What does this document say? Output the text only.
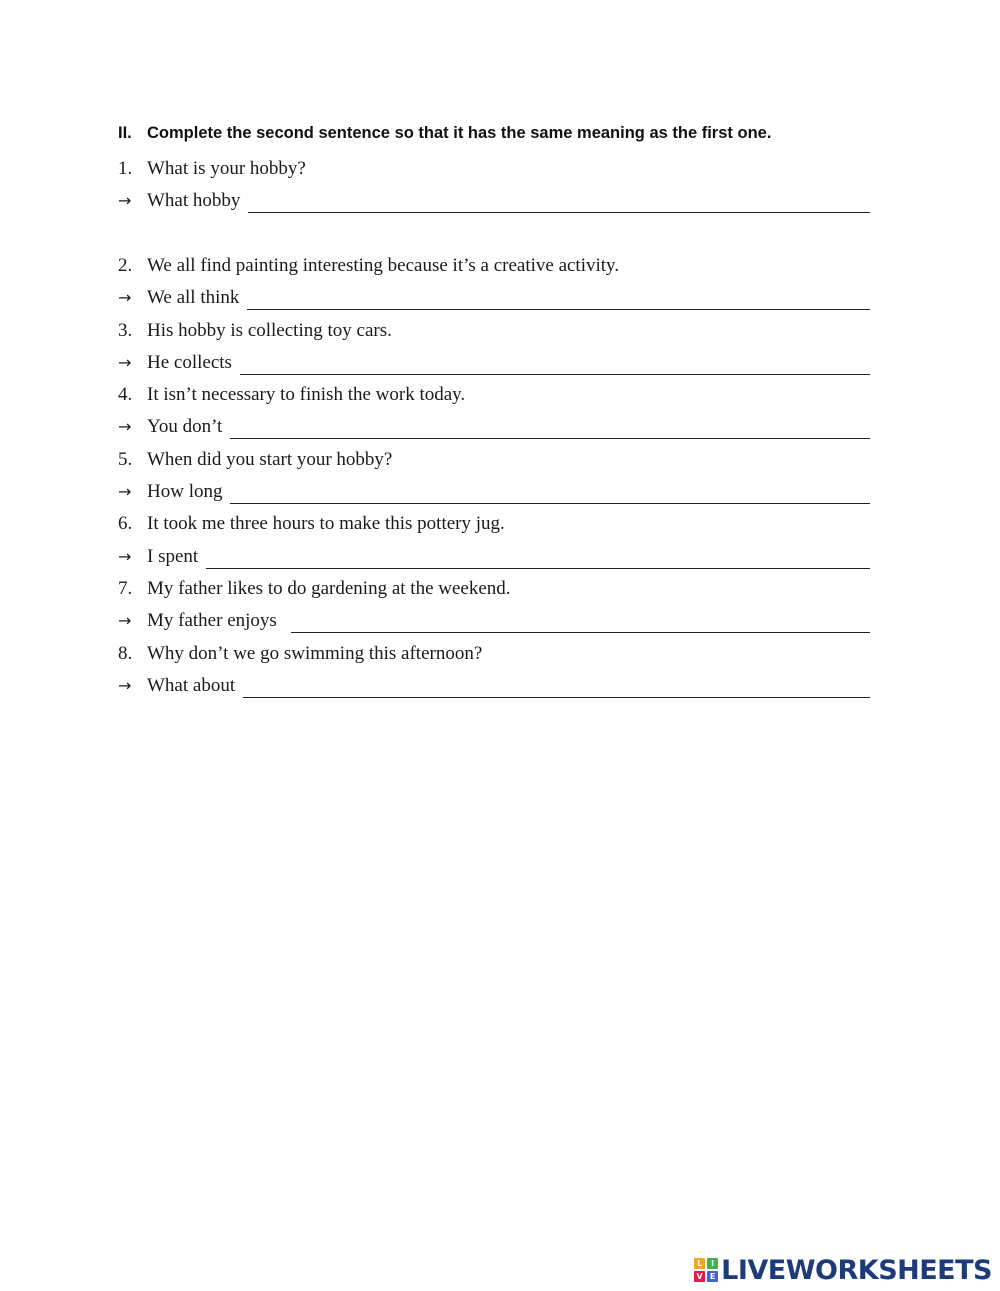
II. Complete the second sentence so that it has the same meaning as the first one.
1. What is your hobby?
→ What hobby
2. We all find painting interesting because it’s a creative activity.
→ We all think
3. His hobby is collecting toy cars.
→ He collects
4. It isn’t necessary to finish the work today.
→ You don’t
5. When did you start your hobby?
→ How long
6. It took me three hours to make this pottery jug.
→ I spent
7. My father likes to do gardening at the weekend.
→ My father enjoys
8. Why don’t we go swimming this afternoon?
→ What about
L	I
V E LIVEWORKSHEETS
